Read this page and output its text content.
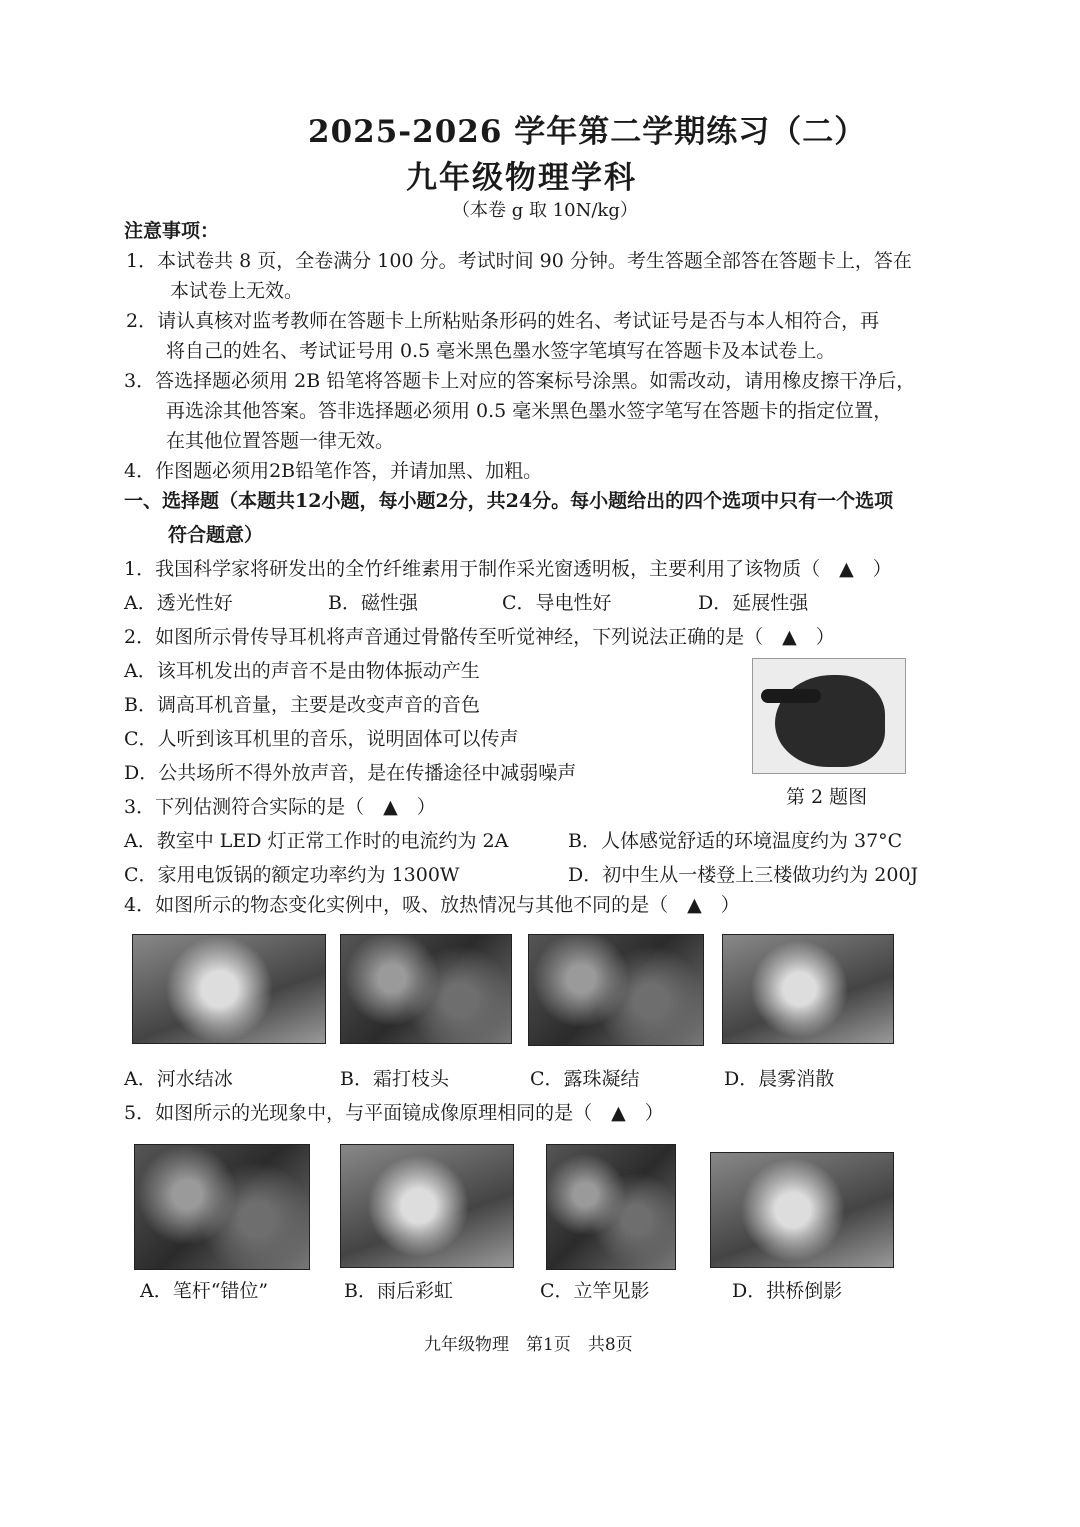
2025-2026 学年第二学期练习（二）
九年级物理学科
（本卷 g 取 10N/kg）
注意事项：
1．本试卷共 8 页，全卷满分 100 分。考试时间 90 分钟。考生答题全部答在答题卡上，答在
本试卷上无效。
2．请认真核对监考教师在答题卡上所粘贴条形码的姓名、考试证号是否与本人相符合，再
将自己的姓名、考试证号用 0.5 毫米黑色墨水签字笔填写在答题卡及本试卷上。
3．答选择题必须用 2B 铅笔将答题卡上对应的答案标号涂黑。如需改动，请用橡皮擦干净后，
再选涂其他答案。答非选择题必须用 0.5 毫米黑色墨水签字笔写在答题卡的指定位置，
在其他位置答题一律无效。
4．作图题必须用2B铅笔作答，并请加黑、加粗。
一、选择题（本题共12小题，每小题2分，共24分。每小题给出的四个选项中只有一个选项
符合题意）
1．我国科学家将研发出的全竹纤维素用于制作采光窗透明板，主要利用了该物质（　▲　）
A．透光性好	B．磁性强	C．导电性好	D．延展性强
2．如图所示骨传导耳机将声音通过骨骼传至听觉神经，下列说法正确的是（　▲　）
A．该耳机发出的声音不是由物体振动产生
B．调高耳机音量，主要是改变声音的音色
C．人听到该耳机里的音乐，说明固体可以传声
D．公共场所不得外放声音，是在传播途径中减弱噪声
第 2 题图
3．下列估测符合实际的是（　▲　）
A．教室中 LED 灯正常工作时的电流约为 2A	B．人体感觉舒适的环境温度约为 37°C
C．家用电饭锅的额定功率约为 1300W	D．初中生从一楼登上三楼做功约为 200J
4．如图所示的物态变化实例中，吸、放热情况与其他不同的是（　▲　）
A．河水结冰	B．霜打枝头	C．露珠凝结	D．晨雾消散
5．如图所示的光现象中，与平面镜成像原理相同的是（　▲　）
A．笔杆“错位”	B．雨后彩虹	C．立竿见影	D．拱桥倒影
九年级物理　第1页　共8页
